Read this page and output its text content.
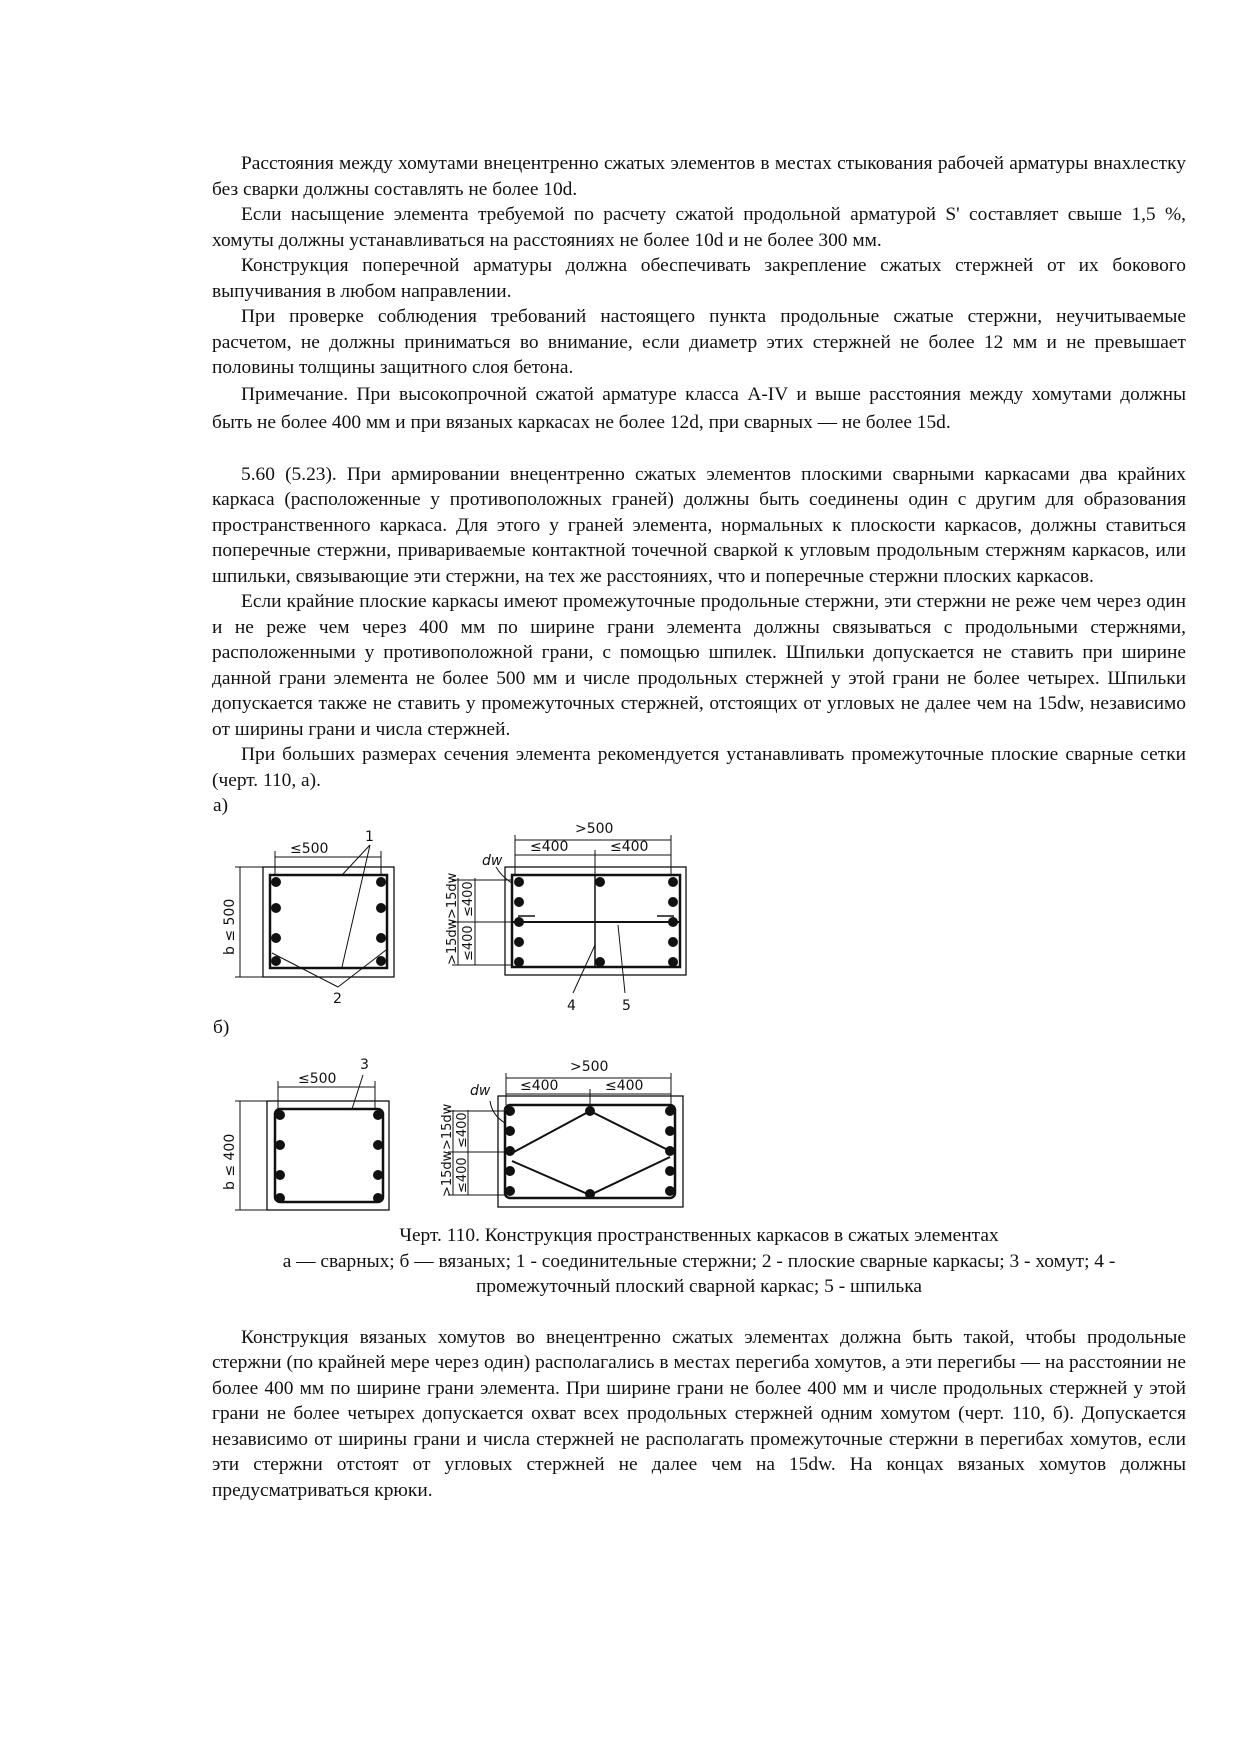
Расстояния между хомутами внецентренно сжатых элементов в местах стыкования рабочей арматуры внахлестку без сварки должны составлять не более 10d.

Если насыщение элемента требуемой по расчету сжатой продольной арматурой S' составляет свыше 1,5 %, хомуты должны устанавливаться на расстояниях не более 10d и не более 300 мм.

Конструкция поперечной арматуры должна обеспечивать закрепление сжатых стержней от их бокового выпучивания в любом направлении.

При проверке соблюдения требований настоящего пункта продольные сжатые стержни, неучитываемые расчетом, не должны приниматься во внимание, если диаметр этих стержней не более 12 мм и не превышает половины толщины защитного слоя бетона.

Примечание. При высокопрочной сжатой арматуре класса A-IV и выше расстояния между хомутами должны быть не более 400 мм и при вязаных каркасах не более 12d, при сварных — не более 15d.

5.60 (5.23). При армировании внецентренно сжатых элементов плоскими сварными каркасами два крайних каркаса (расположенные у противоположных граней) должны быть соединены один с другим для образования пространственного каркаса. Для этого у граней элемента, нормальных к плоскости каркасов, должны ставиться поперечные стержни, привариваемые контактной точечной сваркой к угловым продольным стержням каркасов, или шпильки, связывающие эти стержни, на тех же расстояниях, что и поперечные стержни плоских каркасов.

Если крайние плоские каркасы имеют промежуточные продольные стержни, эти стержни не реже чем через один и не реже чем через 400 мм по ширине грани элемента должны связываться с продольными стержнями, расположенными у противоположной грани, с помощью шпилек. Шпильки допускается не ставить при ширине данной грани элемента не более 500 мм и числе продольных стержней у этой грани не более четырех. Шпильки допускается также не ставить у промежуточных стержней, отстоящих от угловых не далее чем на 15dw, независимо от ширины грани и числа стержней.

При больших размерах сечения элемента рекомендуется устанавливать промежуточные плоские сварные сетки (черт. 110, а).

а)
б)
≤500
b ≤ 500
1
2
>500
≤400	≤400
dw
>15dw ≤400
>15dw ≤400
4	5
≤500
3
b ≤ 400
>500
≤400	≤400
dw
>15dw ≤400
>15dw ≤400
Черт. 110. Конструкция пространственных каркасов в сжатых элементах
а — сварных; б — вязаных; 1 - соединительные стержни; 2 - плоские сварные каркасы; 3 - хомут; 4 - промежуточный плоский сварной каркас; 5 - шпилька

Конструкция вязаных хомутов во внецентренно сжатых элементах должна быть такой, чтобы продольные стержни (по крайней мере через один) располагались в местах перегиба хомутов, а эти перегибы — на расстоянии не более 400 мм по ширине грани элемента. При ширине грани не более 400 мм и числе продольных стержней у этой грани не более четырех допускается охват всех продольных стержней одним хомутом (черт. 110, б). Допускается независимо от ширины грани и числа стержней не располагать промежуточные стержни в перегибах хомутов, если эти стержни отстоят от угловых стержней не далее чем на 15dw. На концах вязаных хомутов должны предусматриваться крюки.
